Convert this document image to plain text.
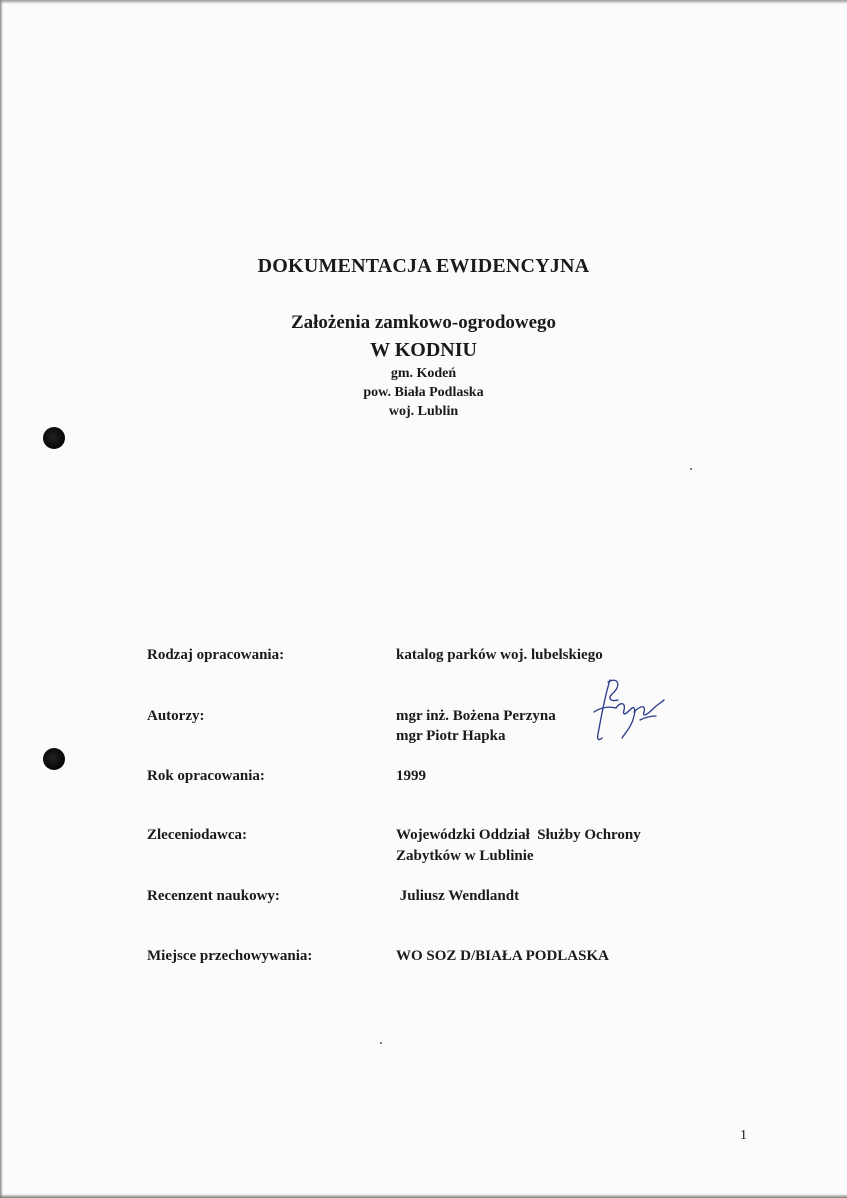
DOKUMENTACJA EWIDENCYJNA
Założenia zamkowo-ogrodowego
W KODNIU
gm. Kodeń
pow. Biała Podlaska
woj. Lublin
Rodzaj opracowania:	katalog parków woj. lubelskiego
Autorzy:	mgr inż. Bożena Perzyna
mgr Piotr Hapka
Rok opracowania:	1999
Zleceniodawca:	Wojewódzki Oddział  Służby Ochrony
Zabytków w Lublinie
Recenzent naukowy:	Juliusz Wendlandt
Miejsce przechowywania:	WO SOZ D/BIAŁA PODLASKA
1
